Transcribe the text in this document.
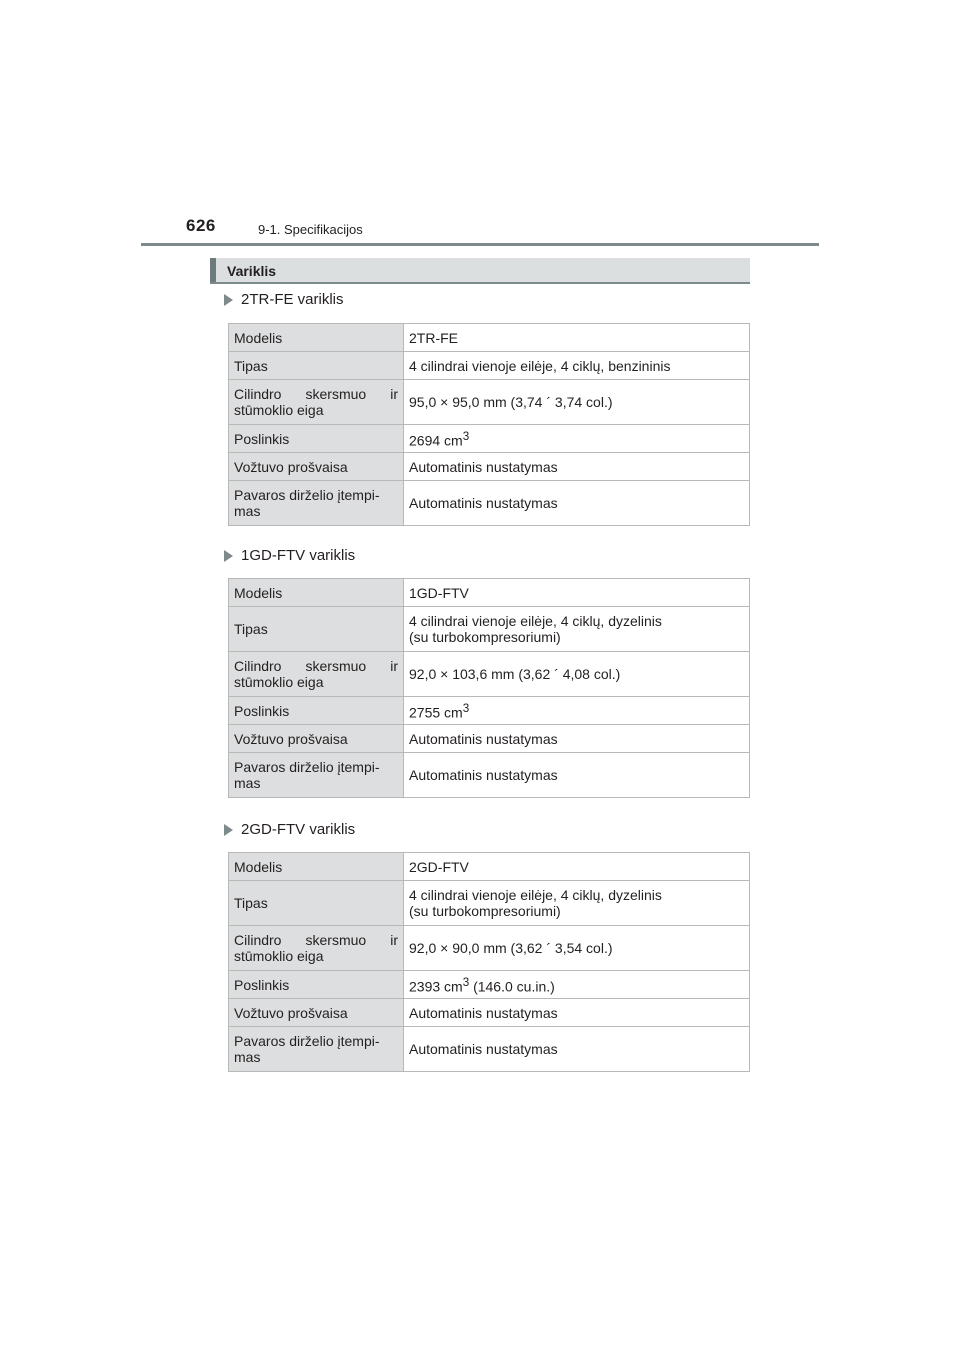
626	9-1. Specifikacijos
Variklis
2TR-FE variklis
Modelis	2TR-FE
Tipas	4 cilindrai vienoje eilėje, 4 ciklų, benzininis
Cilindro skersmuo ir stūmoklio eiga	95,0 × 95,0 mm (3,74 ´ 3,74 col.)
Poslinkis	2694 $cm^3$
Vožtuvo prošvaisa	Automatinis nustatymas
Pavaros dirželio įtempi-
mas	Automatinis nustatymas
1GD-FTV variklis
Modelis	1GD-FTV
Tipas	4 cilindrai vienoje eilėje, 4 ciklų, dyzelinis
(su turbokompresoriumi)
Cilindro skersmuo ir stūmoklio eiga	92,0 × 103,6 mm (3,62 ´ 4,08 col.)
Poslinkis	2755 $cm^3$
Vožtuvo prošvaisa	Automatinis nustatymas
Pavaros dirželio įtempi-
mas	Automatinis nustatymas
2GD-FTV variklis
Modelis	2GD-FTV
Tipas	4 cilindrai vienoje eilėje, 4 ciklų, dyzelinis
(su turbokompresoriumi)
Cilindro skersmuo ir stūmoklio eiga	92,0 × 90,0 mm (3,62 ´ 3,54 col.)
Poslinkis	2393 $cm^3$ (146.0 cu.in.)
Vožtuvo prošvaisa	Automatinis nustatymas
Pavaros dirželio įtempi-
mas	Automatinis nustatymas
